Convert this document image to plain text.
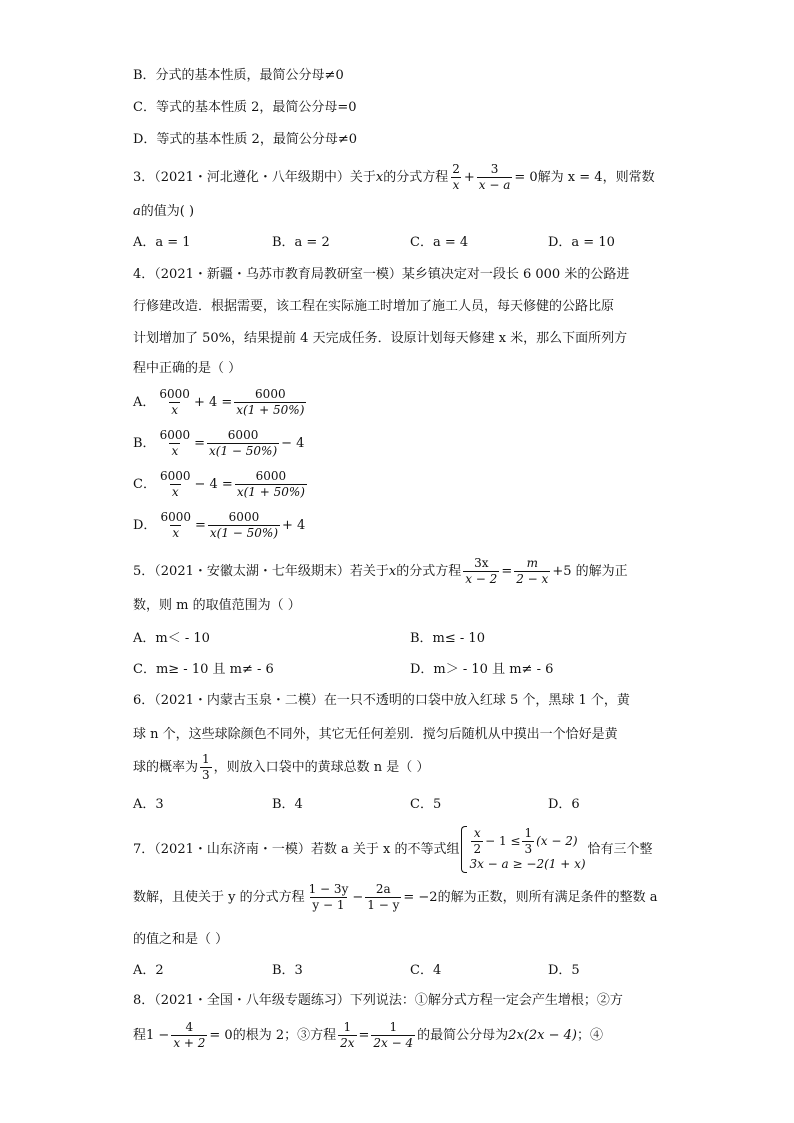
B．分式的基本性质，最简公分母≠0
C．等式的基本性质 2，最简公分母=0
D．等式的基本性质 2，最简公分母≠0
3．（2021・河北遵化・八年级期中）关于x的分式方程 $\frac{2}{x} + \frac{3}{x - a} = 0$解为 x = 4，则常数
a的值为( )
A．a = 1	B．a = 2	C．a = 4	D．a = 10
4．（2021・新疆・乌苏市教育局教研室一模）某乡镇决定对一段长 6 000 米的公路进
行修建改造．根据需要，该工程在实际施工时增加了施工人员，每天修健的公路比原
计划增加了 50%，结果提前 4 天完成任务．设原计划每天修建 x 米，那么下面所列方
程中正确的是（ ）
A． $\frac{6000}{x} + 4 = \frac{6000}{x(1 + 50\%)}$
B． $\frac{6000}{x} = \frac{6000}{x(1 - 50\%)} - 4$
C． $\frac{6000}{x} - 4 = \frac{6000}{x(1 + 50\%)}$
D． $\frac{6000}{x} = \frac{6000}{x(1 - 50\%)} + 4$
5．（2021・安徽太湖・七年级期末）若关于x的分式方程 $\frac{3x}{x - 2} = \frac{m}{2 - x} +5$ 的解为正
数，则 m 的取值范围为（ ）
A．m＜ - 10	B．m≤ - 10
C．m≥ - 10 且 m≠ - 6	D．m＞ - 10 且 m≠ - 6
6．（2021・内蒙古玉泉・二模）在一只不透明的口袋中放入红球 5 个，黑球 1 个，黄
球 n 个，这些球除颜色不同外，其它无任何差别．搅匀后随机从中摸出一个恰好是黄
球的概率为 $\frac{1}{3}$ ，则放入口袋中的黄球总数 n 是（ ）
A．3	B．4	C．5	D．6
7．（2021・山东济南・一模）若数 a 关于 x 的不等式组 $\frac{x}{2} - 1 \le \frac{1}{3} (x - 2)$
3x − a ≥ −2(1 + x)
恰有三个整
数解，且使关于 y 的分式方程 $\frac{1 - 3y}{y - 1} - \frac{2a}{1 - y} = -2$的解为正数，则所有满足条件的整数 a
的值之和是（ ）
A．2	B．3	C．4	D．5
8．（2021・全国・八年级专题练习）下列说法：①解分式方程一定会产生增根；②方
程$1 - \frac{4}{x + 2} = 0$的根为 2；③方程 $\frac{1}{2x} = \frac{1}{2x - 4}$ 的最简公分母为2x(2x − 4)；④
